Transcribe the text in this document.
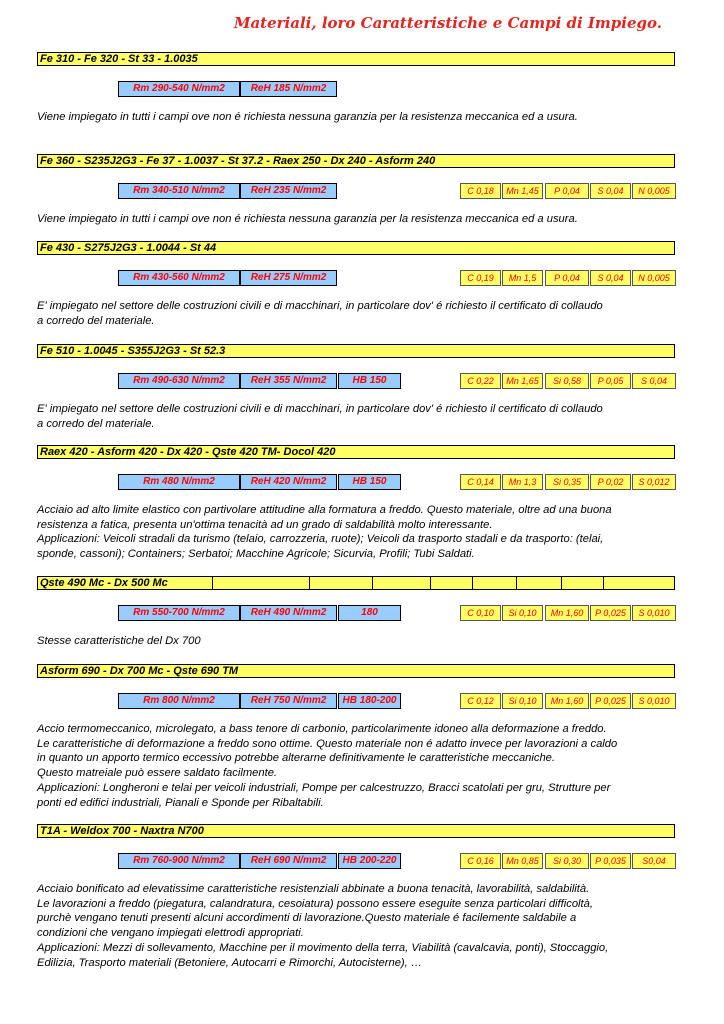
Materiali, loro Caratteristiche e Campi di Impiego.
Fe 310 - Fe 320 - St 33 - 1.0035
Rm 290-540 N/mm2	ReH 185 N/mm2
Viene impiegato in tutti i campi ove non é richiesta nessuna garanzia per la resistenza meccanica ed a usura.
Fe 360 - S235J2G3 - Fe 37 - 1.0037 - St 37.2 - Raex 250 - Dx 240 - Asform 240
Rm 340-510 N/mm2	ReH 235 N/mm2	C 0,18	Mn 1,45	P 0,04	S 0,04	N 0,005
Viene impiegato in tutti i campi ove non é richiesta nessuna garanzia per la resistenza meccanica ed a usura.
Fe 430 - S275J2G3 - 1.0044 - St 44
Rm 430-560 N/mm2	ReH 275 N/mm2	C 0,19	Mn 1,5	P 0,04	S 0,04	N 0,005
E' impiegato nel settore delle costruzioni civili e di macchinari, in particolare dov' é richiesto il certificato di collaudo
a corredo del materiale.
Fe 510 - 1.0045 - S355J2G3 - St 52.3
Rm 490-630 N/mm2	ReH 355 N/mm2	HB 150	C 0,22	Mn 1,65	Si 0,58	P 0,05	S 0,04
E' impiegato nel settore delle costruzioni civili e di macchinari, in particolare dov' é richiesto il certificato di collaudo
a corredo del materiale.
Raex 420 - Asform 420 - Dx 420 - Qste 420 TM- Docol 420
Rm 480 N/mm2	ReH 420 N/mm2	HB 150	C 0,14	Mn 1,3	Si 0,35	P 0,02	S 0,012
Acciaio ad alto limite elastico con partivolare attitudine alla formatura a freddo. Questo materiale, oltre ad una buona
resistenza a fatica, presenta un'ottima tenacità ad un grado di saldabilità molto interessante.
Applicazioni: Veicoli stradali da turismo (telaio, carrozzeria, ruote); Veicoli da trasporto stadali e da trasporto: (telai,
sponde, cassoni); Containers; Serbatoi; Macchine Agricole; Sicurvia, Profili; Tubi Saldati.
Qste 490 Mc - Dx 500 Mc
Rm 550-700 N/mm2	ReH 490 N/mm2	180	C 0,10	Si 0,10	Mn 1,60	P 0,025	S 0,010
Stesse caratteristiche del Dx 700
Asform 690 - Dx 700 Mc - Qste 690 TM
Rm 800 N/mm2	ReH 750 N/mm2	HB 180-200	C 0,12	Si 0,10	Mn 1,60	P 0,025	S 0,010
Accio termomeccanico, microlegato, a bass tenore di carbonio, particolarimente idoneo alla deformazione a freddo.
Le caratteristiche di deformazione a freddo sono ottime. Questo materiale non é adatto invece per lavorazioni a caldo
in quanto un apporto termico eccessivo potrebbe alterarne definitivamente le caratteristiche meccaniche.
Questo matreiale può essere saldato facilmente.
Applicazioni: Longheroni e telai per veicoli industriali, Pompe per calcestruzzo, Bracci scatolati per gru, Strutture per
ponti ed edifici industriali, Pianali e Sponde per Ribaltabili.
T1A - Weldox 700 - Naxtra N700
Rm 760-900 N/mm2	ReH 690 N/mm2	HB 200-220	C 0,16	Mn 0,85	Si 0,30	P 0,035	S0,04
Acciaio bonificato ad elevatissime caratteristiche resistenziali abbinate a buona tenacità, lavorabilità, saldabilità.
Le lavorazioni a freddo (piegatura, calandratura, cesoiatura) possono essere eseguite senza particolari difficoltà,
purchè vengano tenuti presenti alcuni accordimenti di lavorazione.Questo materiale é facilemente saldabile a
condizioni che vengano impiegati elettrodi appropriati.
Applicazioni: Mezzi di sollevamento, Macchine per il movimento della terra, Viabilità (cavalcavia, ponti), Stoccaggio,
Edilizia, Trasporto materiali (Betoniere, Autocarri e Rimorchi, Autocisterne), …
